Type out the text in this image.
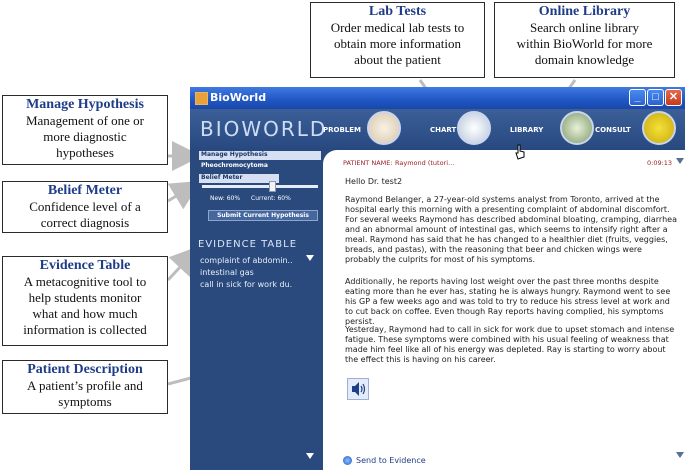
BioWorld	_	□ ✕
BIOWORLD
PROBLEM	CHART	LIBRARY	CONSULT
Manage Hypothesis
Pheochromocytoma
Belief Meter
New: 60%	Current: 60%
Submit Current Hypothesis
EVIDENCE TABLE
complaint of abdomin..
intestinal gas
call in sick for work du.
PATIENT NAME: Raymond (tutori…	0:09:13
Hello Dr. test2
Raymond Belanger, a 27-year-old systems analyst from Toronto, arrived at the hospital early this morning with a presenting complaint of abdominal discomfort. For several weeks Raymond has described abdominal bloating, cramping, diarrhea and an abnormal amount of intestinal gas, which seems to intensify right after a meal. Raymond has said that he has changed to a healthier diet (fruits, veggies, breads, and pastas), with the reasoning that beer and chicken wings were probably the culprits for most of his symptoms.
Additionally, he reports having lost weight over the past three months despite eating more than he ever has, stating he is always hungry. Raymond went to see his GP a few weeks ago and was told to try to reduce his stress level at work and to cut back on coffee. Even though Ray reports having complied, his symptoms persist.
Yesterday, Raymond had to call in sick for work due to upset stomach and intense fatigue. These symptoms were combined with his usual feeling of weakness that made him feel like all of his energy was depleted. Ray is starting to worry about the effect this is having on his career.
Send to Evidence
Lab Tests
Order medical lab tests to
obtain more information
about the patient
Online Library
Search online library
within BioWorld for more
domain knowledge
Manage Hypothesis
Management of one or
more diagnostic
hypotheses
Belief Meter
Confidence level of a
correct diagnosis
Evidence Table
A metacognitive tool to
help students monitor
what and how much
information is collected
Patient Description
A patient’s profile and
symptoms
